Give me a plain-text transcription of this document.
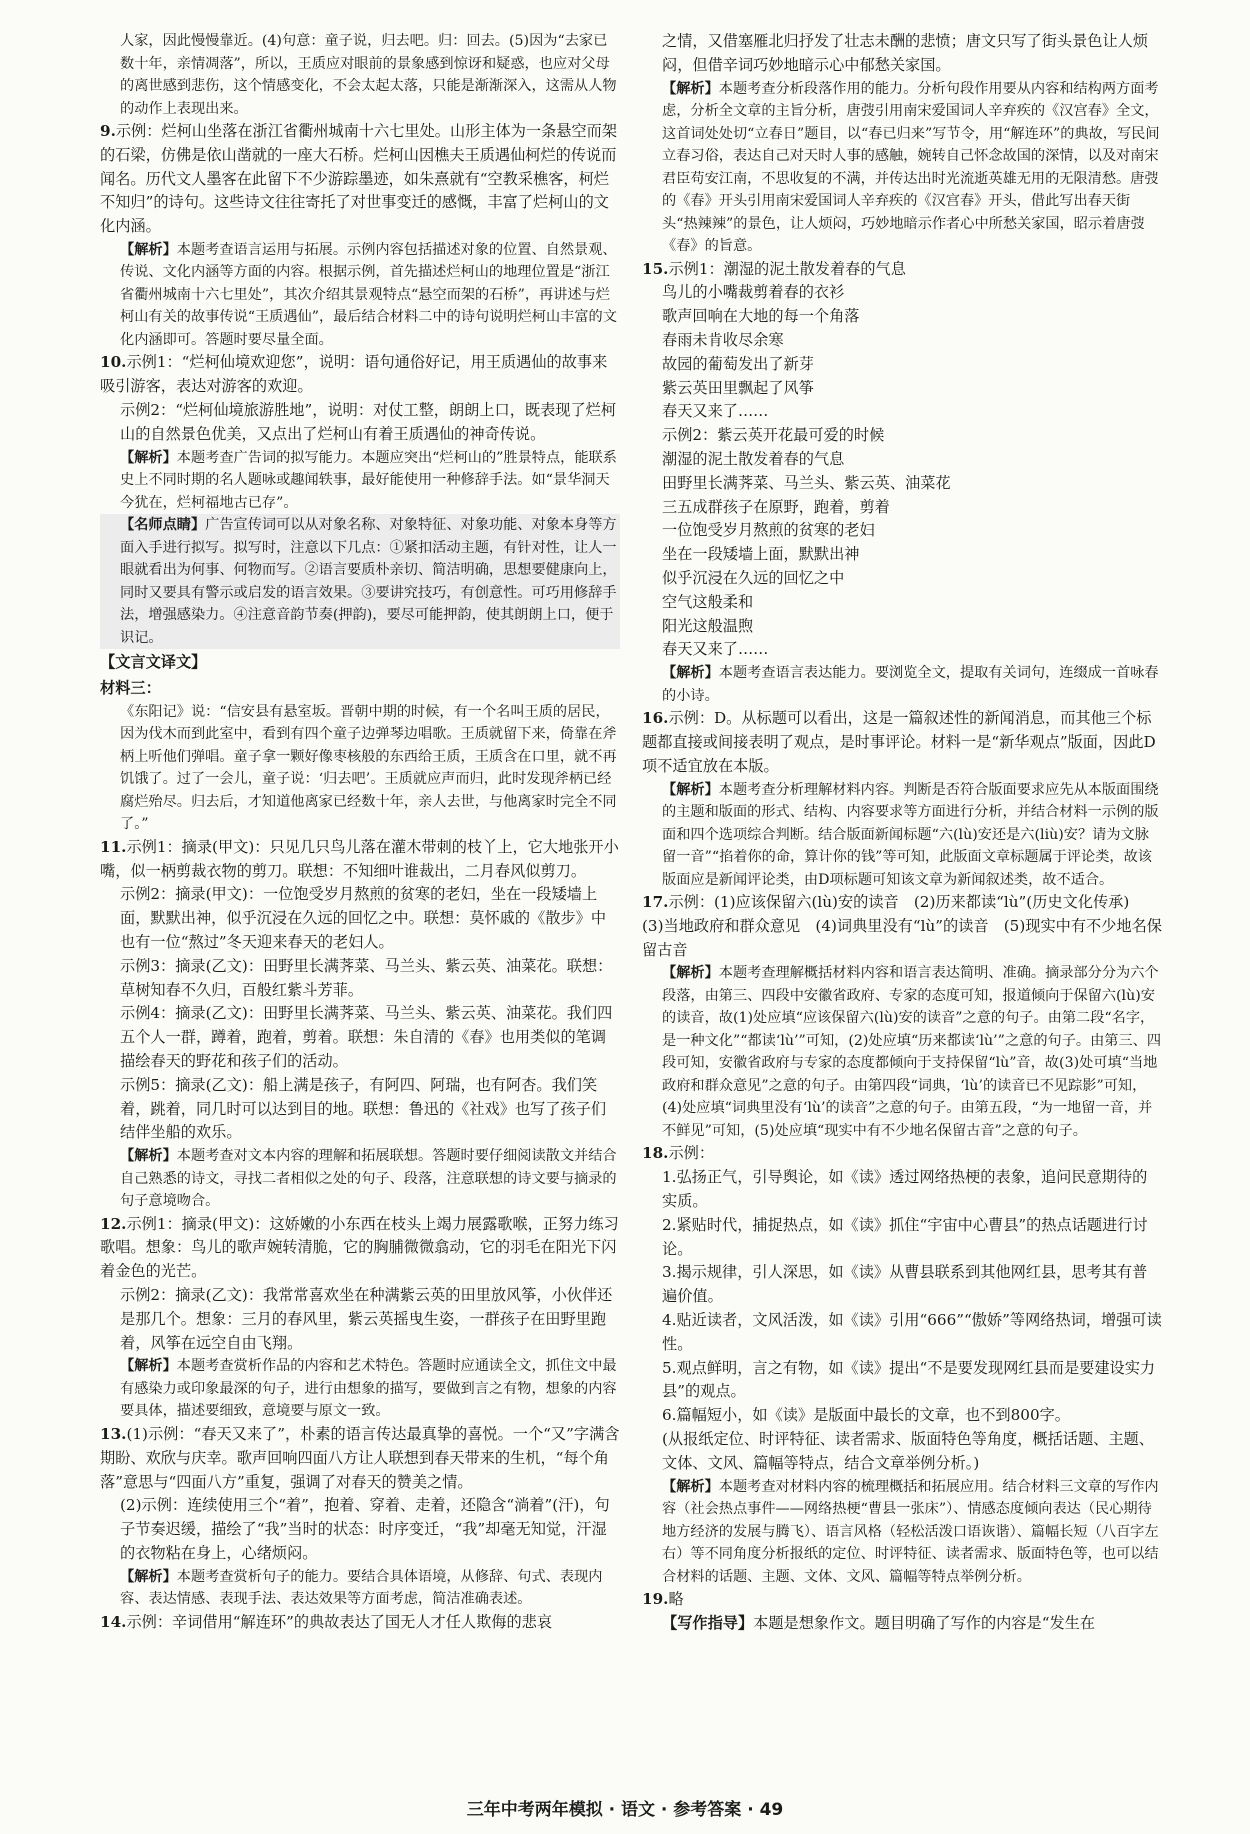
人家，因此慢慢靠近。(4)句意：童子说，归去吧。归：回去。(5)因为“去家已数十年，亲情凋落”，所以，王质应对眼前的景象感到惊讶和疑惑，也应对父母的离世感到悲伤，这个情感变化，不会太起太落，只能是渐渐深入，这需从人物的动作上表现出来。

9.示例：烂柯山坐落在浙江省衢州城南十六七里处。山形主体为一条悬空而架的石梁，仿佛是依山凿就的一座大石桥。烂柯山因樵夫王质遇仙柯烂的传说而闻名。历代文人墨客在此留下不少游踪墨迹，如朱熹就有“空教采樵客，柯烂不知归”的诗句。这些诗文往往寄托了对世事变迁的感慨，丰富了烂柯山的文化内涵。

【解析】本题考查语言运用与拓展。示例内容包括描述对象的位置、自然景观、传说、文化内涵等方面的内容。根据示例，首先描述烂柯山的地理位置是“浙江省衢州城南十六七里处”，其次介绍其景观特点“悬空而架的石桥”，再讲述与烂柯山有关的故事传说“王质遇仙”，最后结合材料二中的诗句说明烂柯山丰富的文化内涵即可。答题时要尽量全面。

10.示例1：“烂柯仙境欢迎您”，说明：语句通俗好记，用王质遇仙的故事来吸引游客，表达对游客的欢迎。

示例2：“烂柯仙境旅游胜地”，说明：对仗工整，朗朗上口，既表现了烂柯山的自然景色优美，又点出了烂柯山有着王质遇仙的神奇传说。

【解析】本题考查广告词的拟写能力。本题应突出“烂柯山的”胜景特点，能联系史上不同时期的名人题咏或趣闻轶事，最好能使用一种修辞手法。如“景华洞天今犹在，烂柯福地古已存”。

【名师点睛】广告宣传词可以从对象名称、对象特征、对象功能、对象本身等方面入手进行拟写。拟写时，注意以下几点：①紧扣活动主题，有针对性，让人一眼就看出为何事、何物而写。②语言要质朴亲切、简洁明确，思想要健康向上，同时又要具有警示或启发的语言效果。③要讲究技巧，有创意性。可巧用修辞手法，增强感染力。④注意音韵节奏(押韵)，要尽可能押韵，使其朗朗上口，便于识记。

【文言文译文】

材料三：

《东阳记》说：“信安县有悬室坂。晋朝中期的时候，有一个名叫王质的居民，因为伐木而到此室中，看到有四个童子边弹琴边唱歌。王质就留下来，倚靠在斧柄上听他们弹唱。童子拿一颗好像枣核般的东西给王质，王质含在口里，就不再饥饿了。过了一会儿，童子说：‘归去吧’。王质就应声而归，此时发现斧柄已经腐烂殆尽。归去后，才知道他离家已经数十年，亲人去世，与他离家时完全不同了。”

11.示例1：摘录(甲文)：只见几只鸟儿落在灌木带刺的枝丫上，它大地张开小嘴，似一柄剪裁衣物的剪刀。联想：不知细叶谁裁出，二月春风似剪刀。

示例2：摘录(甲文)：一位饱受岁月熬煎的贫寒的老妇，坐在一段矮墙上面，默默出神，似乎沉浸在久远的回忆之中。联想：莫怀戚的《散步》中也有一位“熬过”冬天迎来春天的老妇人。

示例3：摘录(乙文)：田野里长满荠菜、马兰头、紫云英、油菜花。联想：草树知春不久归，百般红紫斗芳菲。

示例4：摘录(乙文)：田野里长满荠菜、马兰头、紫云英、油菜花。我们四五个人一群，蹲着，跑着，剪着。联想：朱自清的《春》也用类似的笔调描绘春天的野花和孩子们的活动。

示例5：摘录(乙文)：船上满是孩子，有阿四、阿瑞，也有阿杏。我们笑着，跳着，同几时可以达到目的地。联想：鲁迅的《社戏》也写了孩子们结伴坐船的欢乐。

【解析】本题考查对文本内容的理解和拓展联想。答题时要仔细阅读散文并结合自己熟悉的诗文，寻找二者相似之处的句子、段落，注意联想的诗文要与摘录的句子意境吻合。

12.示例1：摘录(甲文)：这娇嫩的小东西在枝头上竭力展露歌喉，正努力练习歌唱。想象：鸟儿的歌声婉转清脆，它的胸脯微微翕动，它的羽毛在阳光下闪着金色的光芒。

示例2：摘录(乙文)：我常常喜欢坐在种满紫云英的田里放风筝，小伙伴还是那几个。想象：三月的春风里，紫云英摇曳生姿，一群孩子在田野里跑着，风筝在远空自由飞翔。

【解析】本题考查赏析作品的内容和艺术特色。答题时应通读全文，抓住文中最有感染力或印象最深的句子，进行由想象的描写，要做到言之有物，想象的内容要具体，描述要细致，意境要与原文一致。

13.(1)示例：“春天又来了”，朴素的语言传达最真挚的喜悦。一个“又”字满含期盼、欢欣与庆幸。歌声回响四面八方让人联想到春天带来的生机，“每个角落”意思与“四面八方”重复，强调了对春天的赞美之情。

(2)示例：连续使用三个“着”，抱着、穿着、走着，还隐含“淌着”(汗)，句子节奏迟缓，描绘了“我”当时的状态：时序变迁，“我”却毫无知觉，汗湿的衣物粘在身上，心绪烦闷。

【解析】本题考查赏析句子的能力。要结合具体语境，从修辞、句式、表现内容、表达情感、表现手法、表达效果等方面考虑，简洁准确表述。

14.示例：辛词借用“解连环”的典故表达了国无人才任人欺侮的悲哀

之情，又借塞雁北归抒发了壮志未酬的悲愤；唐文只写了街头景色让人烦闷，但借辛词巧妙地暗示心中郁愁关家国。

【解析】本题考查分析段落作用的能力。分析句段作用要从内容和结构两方面考虑，分析全文章的主旨分析，唐弢引用南宋爱国词人辛弃疾的《汉宫春》全文，这首词处处切“立春日”题目，以“春已归来”写节令，用“解连环”的典故，写民间立春习俗，表达自己对天时人事的感触，婉转自己怀念故国的深情，以及对南宋君臣苟安江南，不思收复的不满，并传达出时光流逝英雄无用的无限清愁。唐弢的《春》开头引用南宋爱国词人辛弃疾的《汉宫春》开头，借此写出春天街头“热辣辣”的景色，让人烦闷，巧妙地暗示作者心中所愁关家国，昭示着唐弢《春》的旨意。

15.示例1：潮湿的泥土散发着春的气息

鸟儿的小嘴裁剪着春的衣衫

歌声回响在大地的每一个角落

春雨未肯收尽余寒

故园的葡萄发出了新芽

紫云英田里飘起了风筝

春天又来了……

示例2：紫云英开花最可爱的时候

潮湿的泥土散发着春的气息

田野里长满荠菜、马兰头、紫云英、油菜花

三五成群孩子在原野，跑着，剪着

一位饱受岁月熬煎的贫寒的老妇

坐在一段矮墙上面，默默出神

似乎沉浸在久远的回忆之中

空气这般柔和

阳光这般温煦

春天又来了……

【解析】本题考查语言表达能力。要浏览全文，提取有关词句，连缀成一首咏春的小诗。

16.示例：D。从标题可以看出，这是一篇叙述性的新闻消息，而其他三个标题都直接或间接表明了观点，是时事评论。材料一是“新华观点”版面，因此D项不适宜放在本版。

【解析】本题考查分析理解材料内容。判断是否符合版面要求应先从本版面围绕的主题和版面的形式、结构、内容要求等方面进行分析，并结合材料一示例的版面和四个选项综合判断。结合版面新闻标题“六(lù)安还是六(liù)安？请为文脉留一音”“掐着你的命，算计你的钱”等可知，此版面文章标题属于评论类，故该版面应是新闻评论类，由D项标题可知该文章为新闻叙述类，故不适合。

17.示例：(1)应该保留六(lù)安的读音　(2)历来都读“lù”(历史文化传承)　(3)当地政府和群众意见　(4)词典里没有“lù”的读音　(5)现实中有不少地名保留古音

【解析】本题考查理解概括材料内容和语言表达简明、准确。摘录部分分为六个段落，由第三、四段中安徽省政府、专家的态度可知，报道倾向于保留六(lù)安的读音，故(1)处应填“应该保留六(lù)安的读音”之意的句子。由第二段“名字，是一种文化”“都读‘lù’”可知，(2)处应填“历来都读‘lù’”之意的句子。由第三、四段可知，安徽省政府与专家的态度都倾向于支持保留“lù”音，故(3)处可填“当地政府和群众意见”之意的句子。由第四段“词典，‘lù’的读音已不见踪影”可知，(4)处应填“词典里没有‘lù’的读音”之意的句子。由第五段，“为一地留一音，并不鲜见”可知，(5)处应填“现实中有不少地名保留古音”之意的句子。

18.示例：

1.弘扬正气，引导舆论，如《读》透过网络热梗的表象，追问民意期待的实质。

2.紧贴时代，捕捉热点，如《读》抓住“宇宙中心曹县”的热点话题进行讨论。

3.揭示规律，引人深思，如《读》从曹县联系到其他网红县，思考其有普遍价值。

4.贴近读者，文风活泼，如《读》引用“666”“傲娇”等网络热词，增强可读性。

5.观点鲜明，言之有物，如《读》提出“不是要发现网红县而是要建设实力县”的观点。

6.篇幅短小，如《读》是版面中最长的文章，也不到800字。

(从报纸定位、时评特征、读者需求、版面特色等角度，概括话题、主题、文体、文风、篇幅等特点，结合文章举例分析。)

【解析】本题考查对材料内容的梳理概括和拓展应用。结合材料三文章的写作内容（社会热点事件——网络热梗“曹县一张床”）、情感态度倾向表达（民心期待地方经济的发展与腾飞）、语言风格（轻松活泼口语诙谐）、篇幅长短（八百字左右）等不同角度分析报纸的定位、时评特征、读者需求、版面特色等，也可以结合材料的话题、主题、文体、文风、篇幅等特点举例分析。

19.略

【写作指导】本题是想象作文。题目明确了写作的内容是“发生在

三年中考两年模拟 · 语文 · 参考答案 · 49
